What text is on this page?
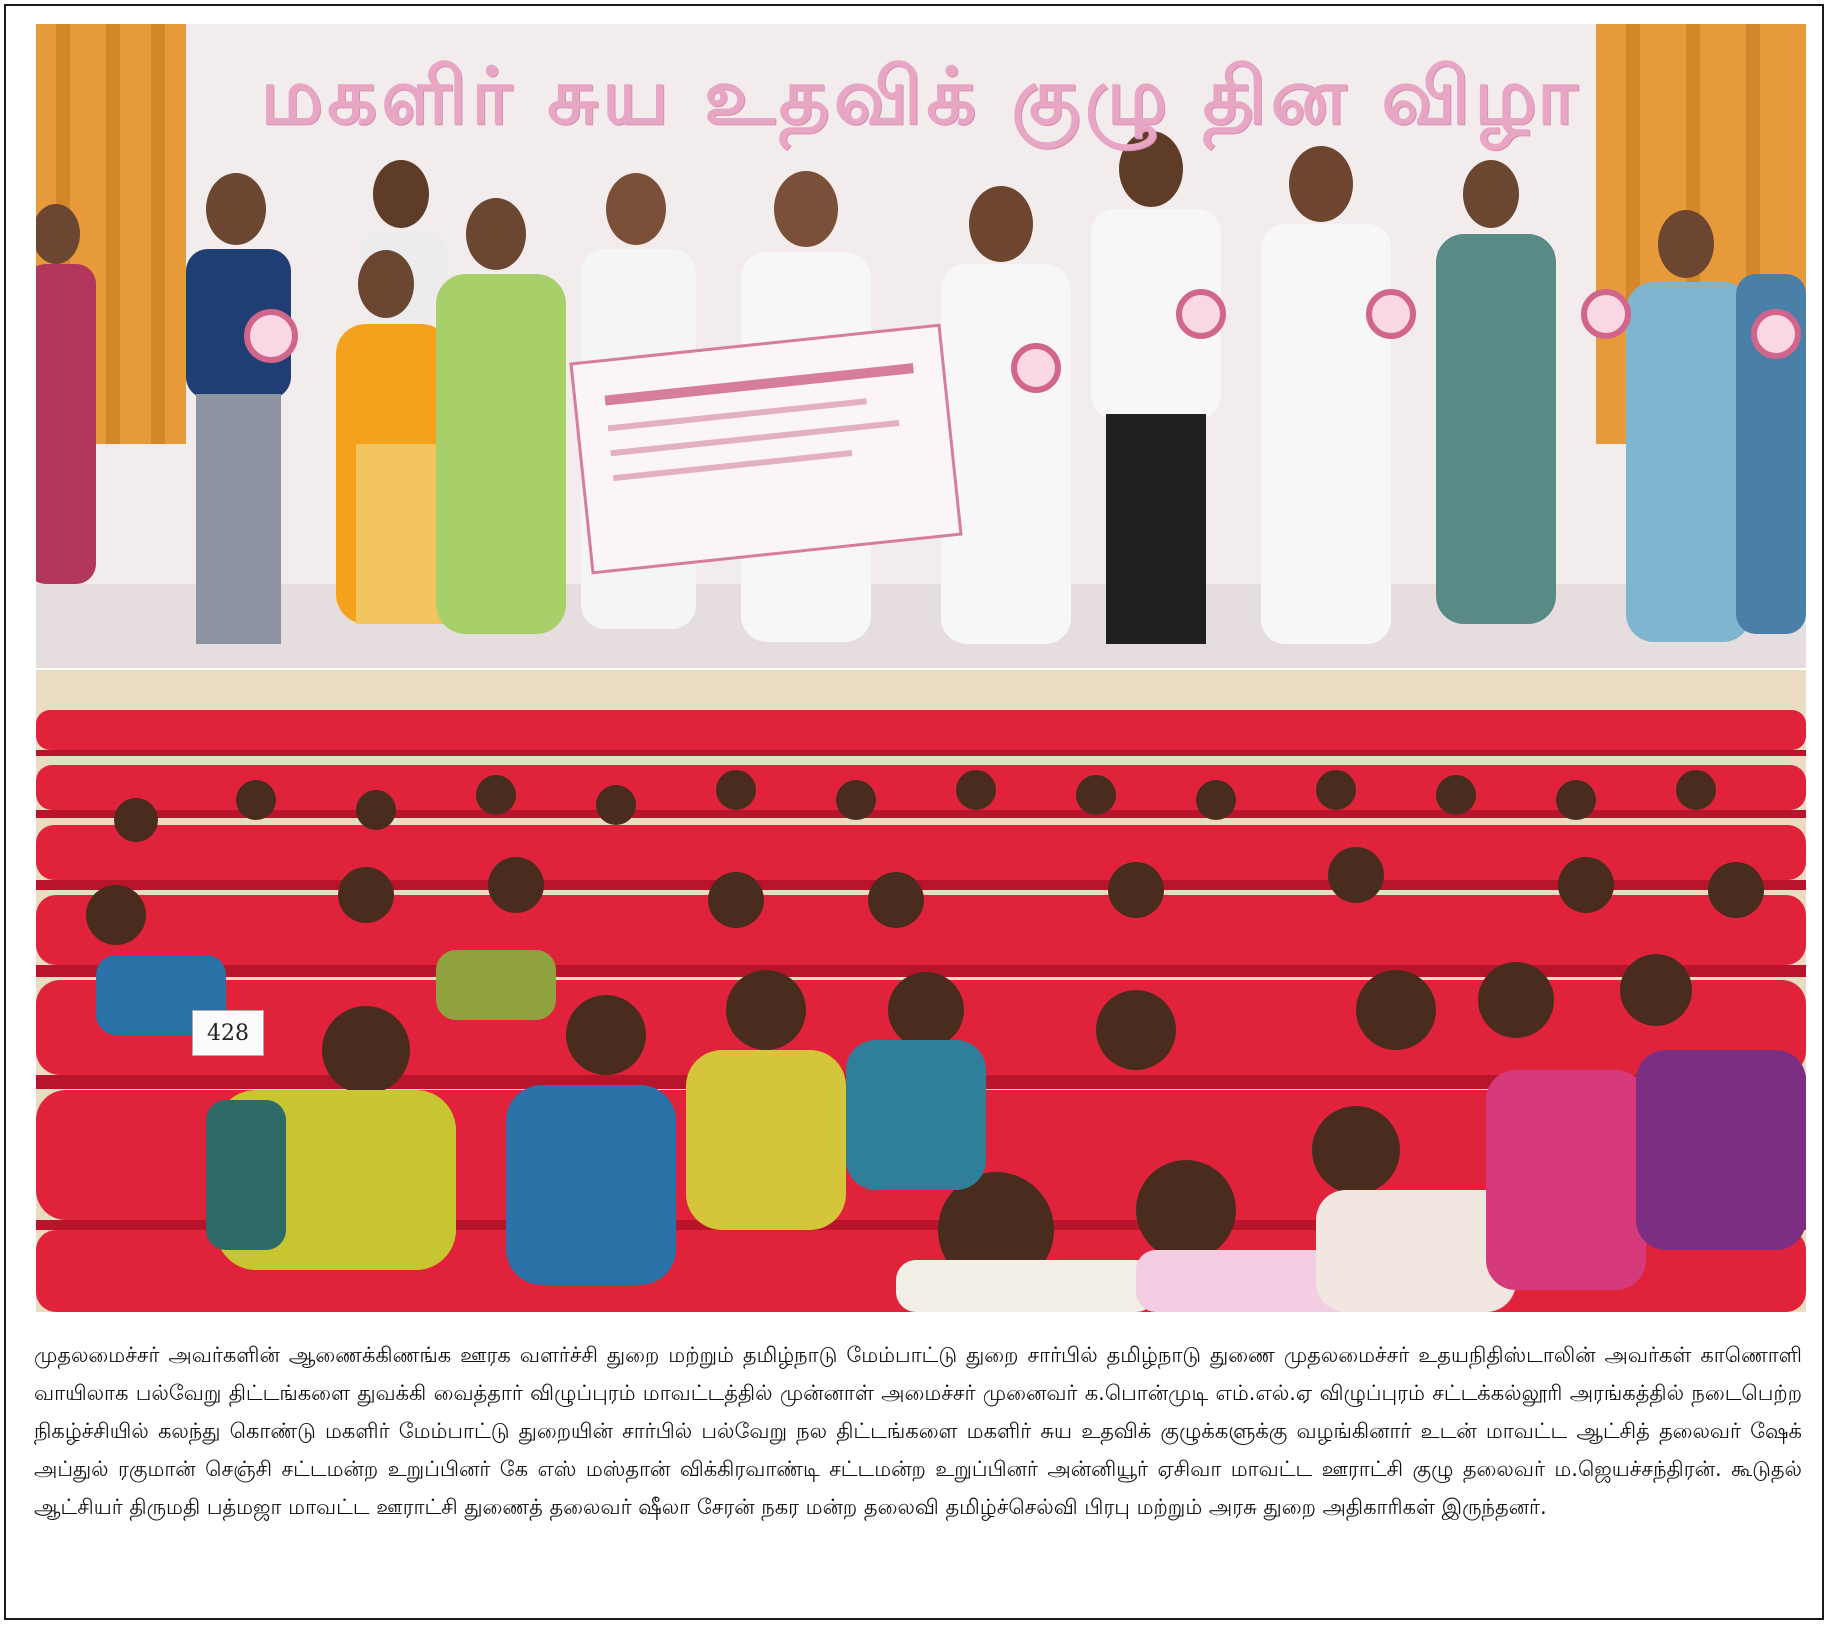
மகளிர் சுய உதவிக் குழு தின விழா
428

முதலமைச்சர் அவர்களின் ஆணைக்கிணங்க ஊரக வளர்ச்சி துறை மற்றும் தமிழ்நாடு மேம்பாட்டு துறை சார்பில் தமிழ்நாடு துணை முதலமைச்சர் உதயநிதிஸ்டாலின் அவர்கள் காணொளி வாயிலாக பல்வேறு திட்டங்களை துவக்கி வைத்தார் விழுப்புரம் மாவட்டத்தில் முன்னாள் அமைச்சர் முனைவர் க.பொன்முடி எம்.எல்.ஏ விழுப்புரம் சட்டக்கல்லூரி அரங்கத்தில் நடைபெற்ற நிகழ்ச்சியில் கலந்து கொண்டு மகளிர் மேம்பாட்டு துறையின் சார்பில் பல்வேறு நல திட்டங்களை மகளிர் சுய உதவிக் குழுக்களுக்கு வழங்கினார் உடன் மாவட்ட ஆட்சித் தலைவர் ஷேக் அப்துல் ரகுமான் செஞ்சி சட்டமன்ற உறுப்பினர் கே எஸ் மஸ்தான் விக்கிரவாண்டி சட்டமன்ற உறுப்பினர் அன்னியூர் ஏசிவா மாவட்ட ஊராட்சி குழு தலைவர் ம.ஜெயச்சந்திரன். கூடுதல் ஆட்சியர் திருமதி பத்மஜா மாவட்ட ஊராட்சி துணைத் தலைவர் ஷீலா சேரன் நகர மன்ற தலைவி தமிழ்ச்செல்வி பிரபு மற்றும் அரசு துறை அதிகாரிகள் இருந்தனர்.
